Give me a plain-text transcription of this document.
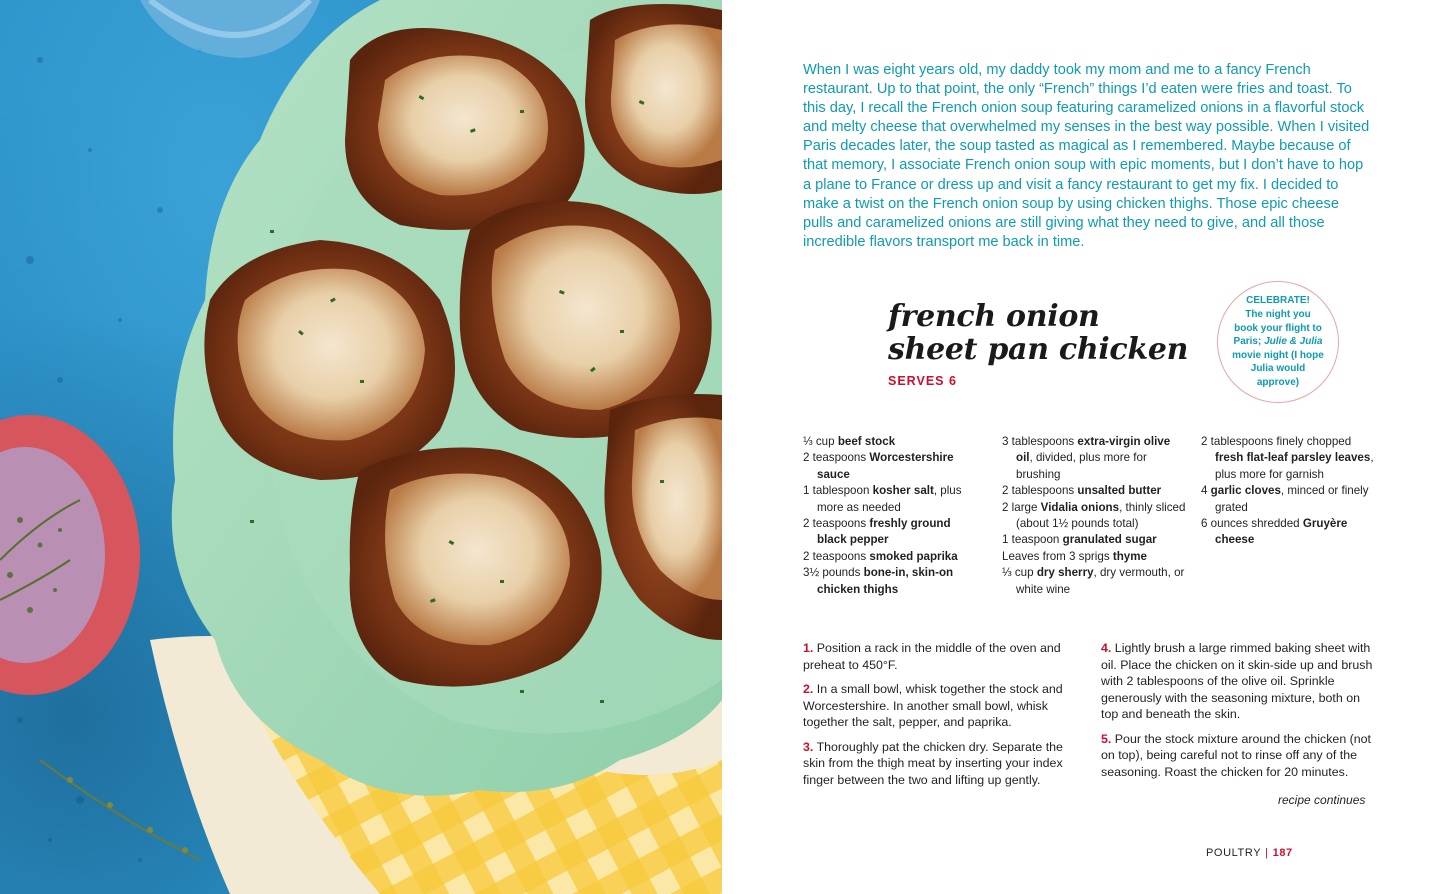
When I was eight years old, my daddy took my mom and me to a fancy French restaurant. Up to that point, the only “French” things I’d eaten were fries and toast. To this day, I recall the French onion soup featuring caramelized onions in a flavorful stock and melty cheese that overwhelmed my senses in the best way possible. When I visited Paris decades later, the soup tasted as magical as I remembered. Maybe because of that memory, I associate French onion soup with epic moments, but I don’t have to hop a plane to France or dress up and visit a fancy restaurant to get my fix. I decided to make a twist on the French onion soup by using chicken thighs. Those epic cheese pulls and caramelized onions are still giving what they need to give, and all those incredible flavors transport me back in time.

french onion
sheet pan chicken
SERVES 6
CELEBRATE!
The night you book your flight to Paris; Julie & Julia movie night (I hope Julia would approve)
⅓ cup beef stock
2 teaspoons Worcestershire sauce
1 tablespoon kosher salt, plus more as needed
2 teaspoons freshly ground black pepper
2 teaspoons smoked paprika
3½ pounds bone-in, skin-on chicken thighs
3 tablespoons extra-virgin olive oil, divided, plus more for brushing
2 tablespoons unsalted butter
2 large Vidalia onions, thinly sliced (about 1½ pounds total)
1 teaspoon granulated sugar
Leaves from 3 sprigs thyme
⅓ cup dry sherry, dry vermouth, or white wine
2 tablespoons finely chopped fresh flat-leaf parsley leaves, plus more for garnish
4 garlic cloves, minced or finely grated
6 ounces shredded Gruyère cheese

1. Position a rack in the middle of the oven and preheat to 450°F.

2. In a small bowl, whisk together the stock and Worcestershire. In another small bowl, whisk together the salt, pepper, and paprika.

3. Thoroughly pat the chicken dry. Separate the skin from the thigh meat by inserting your index finger between the two and lifting up gently.

4. Lightly brush a large rimmed baking sheet with oil. Place the chicken on it skin-side up and brush with 2 tablespoons of the olive oil. Sprinkle generously with the seasoning mixture, both on top and beneath the skin.

5. Pour the stock mixture around the chicken (not on top), being careful not to rinse off any of the seasoning. Roast the chicken for 20 minutes.

recipe continues
POULTRY | 187
